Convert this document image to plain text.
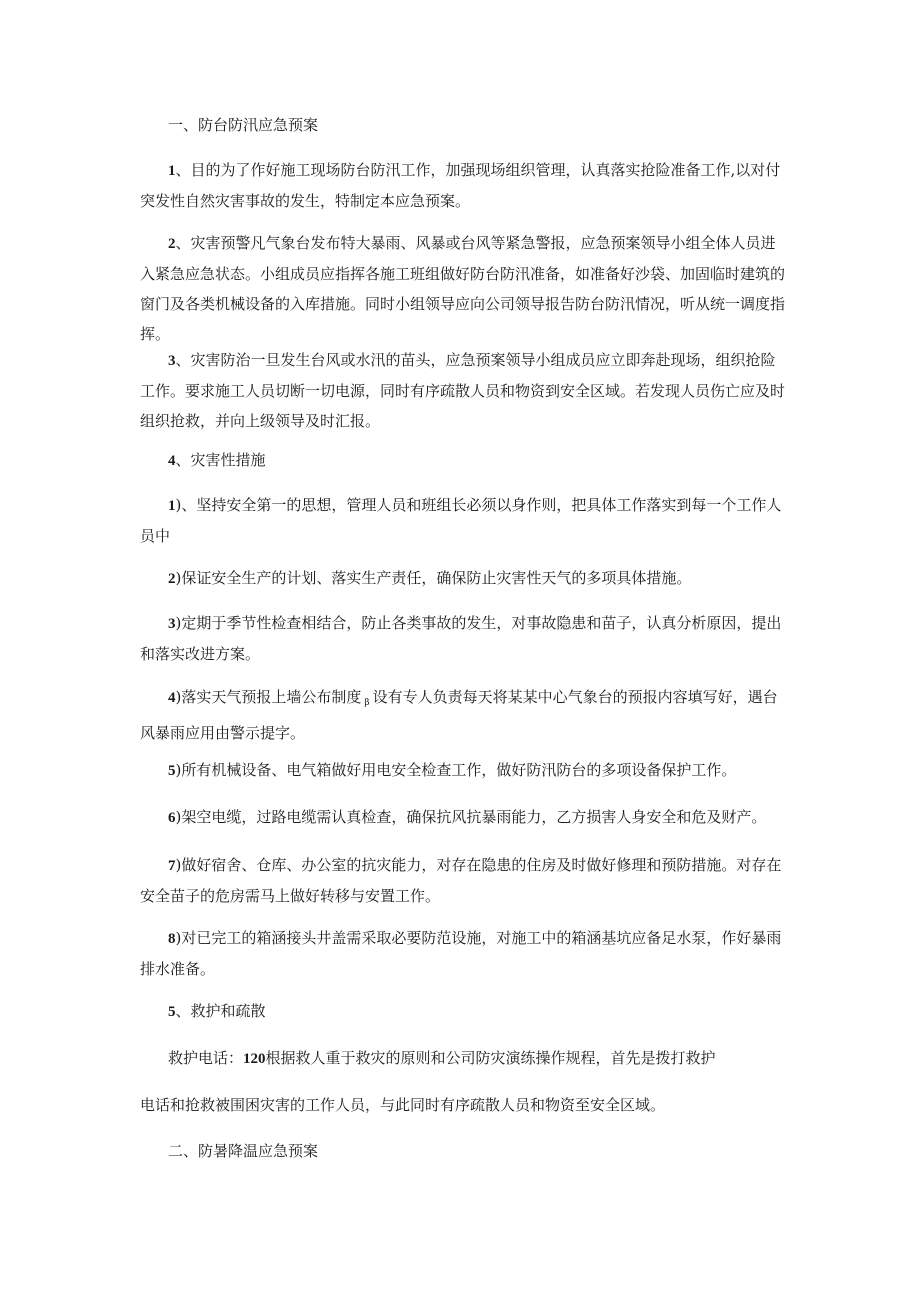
一、防台防汛应急预案

1、目的为了作好施工现场防台防汛工作，加强现场组织管理，认真落实抢险准备工作,以对付突发性自然灾害事故的发生，特制定本应急预案。

2、灾害预警凡气象台发布特大暴雨、风暴或台风等紧急警报，应急预案领导小组全体人员进入紧急应急状态。小组成员应指挥各施工班组做好防台防汛准备，如准备好沙袋、加固临时建筑的窗门及各类机械设备的入库措施。同时小组领导应向公司领导报告防台防汛情况，听从统一调度指挥。

3、灾害防治一旦发生台风或水汛的苗头，应急预案领导小组成员应立即奔赴现场，组织抢险工作。要求施工人员切断一切电源，同时有序疏散人员和物资到安全区域。若发现人员伤亡应及时组织抢救，并向上级领导及时汇报。

4、灾害性措施

1)、坚持安全第一的思想，管理人员和班组长必须以身作则，把具体工作落实到每一个工作人员中

2)保证安全生产的计划、落实生产责任，确保防止灾害性天气的多项具体措施。

3)定期于季节性检查相结合，防止各类事故的发生，对事故隐患和苗子，认真分析原因，提出和落实改进方案。

4)落实天气预报上墙公布制度 $_\beta$ 设有专人负责每天将某某中心气象台的预报内容填写好，遇台风暴雨应用由警示提字。

5)所有机械设备、电气箱做好用电安全检查工作，做好防汛防台的多项设备保护工作。

6)架空电缆，过路电缆需认真检查，确保抗风抗暴雨能力，乙方损害人身安全和危及财产。

7)做好宿舍、仓库、办公室的抗灾能力，对存在隐患的住房及时做好修理和预防措施。对存在安全苗子的危房需马上做好转移与安置工作。

8)对已完工的箱涵接头井盖需采取必要防范设施，对施工中的箱涵基坑应备足水泵，作好暴雨排水准备。

5、救护和疏散

救护电话：120根据救人重于救灾的原则和公司防灾演练操作规程，首先是拨打救护

电话和抢救被围困灾害的工作人员，与此同时有序疏散人员和物资至安全区域。

二、防暑降温应急预案
